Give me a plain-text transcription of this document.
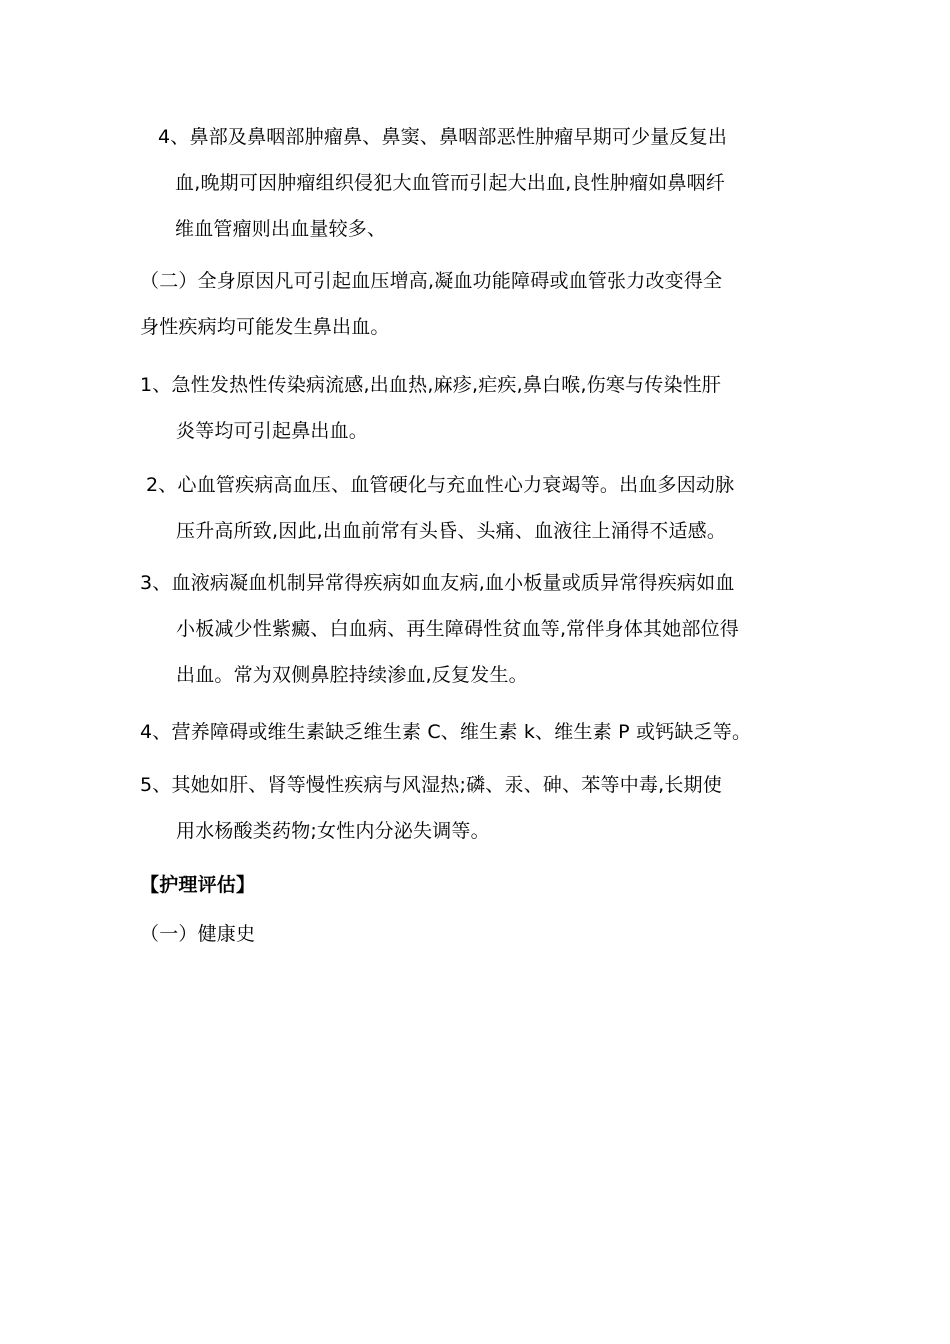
4、鼻部及鼻咽部肿瘤鼻、鼻窦、鼻咽部恶性肿瘤早期可少量反复出
血,晚期可因肿瘤组织侵犯大血管而引起大出血,良性肿瘤如鼻咽纤
维血管瘤则出血量较多、
（二）全身原因凡可引起血压增高,凝血功能障碍或血管张力改变得全
身性疾病均可能发生鼻出血。
1、急性发热性传染病流感,出血热,麻疹,疟疾,鼻白喉,伤寒与传染性肝
炎等均可引起鼻出血。
2、心血管疾病高血压、血管硬化与充血性心力衰竭等。出血多因动脉
压升高所致,因此,出血前常有头昏、头痛、血液往上涌得不适感。
3、血液病凝血机制异常得疾病如血友病,血小板量或质异常得疾病如血
小板减少性紫癜、白血病、再生障碍性贫血等,常伴身体其她部位得
出血。常为双侧鼻腔持续渗血,反复发生。
4、营养障碍或维生素缺乏维生素 C、维生素 k、维生素 P 或钙缺乏等。
5、其她如肝、肾等慢性疾病与风湿热;磷、汞、砷、苯等中毒,长期使
用水杨酸类药物;女性内分泌失调等。
【护理评估】
（一）健康史
